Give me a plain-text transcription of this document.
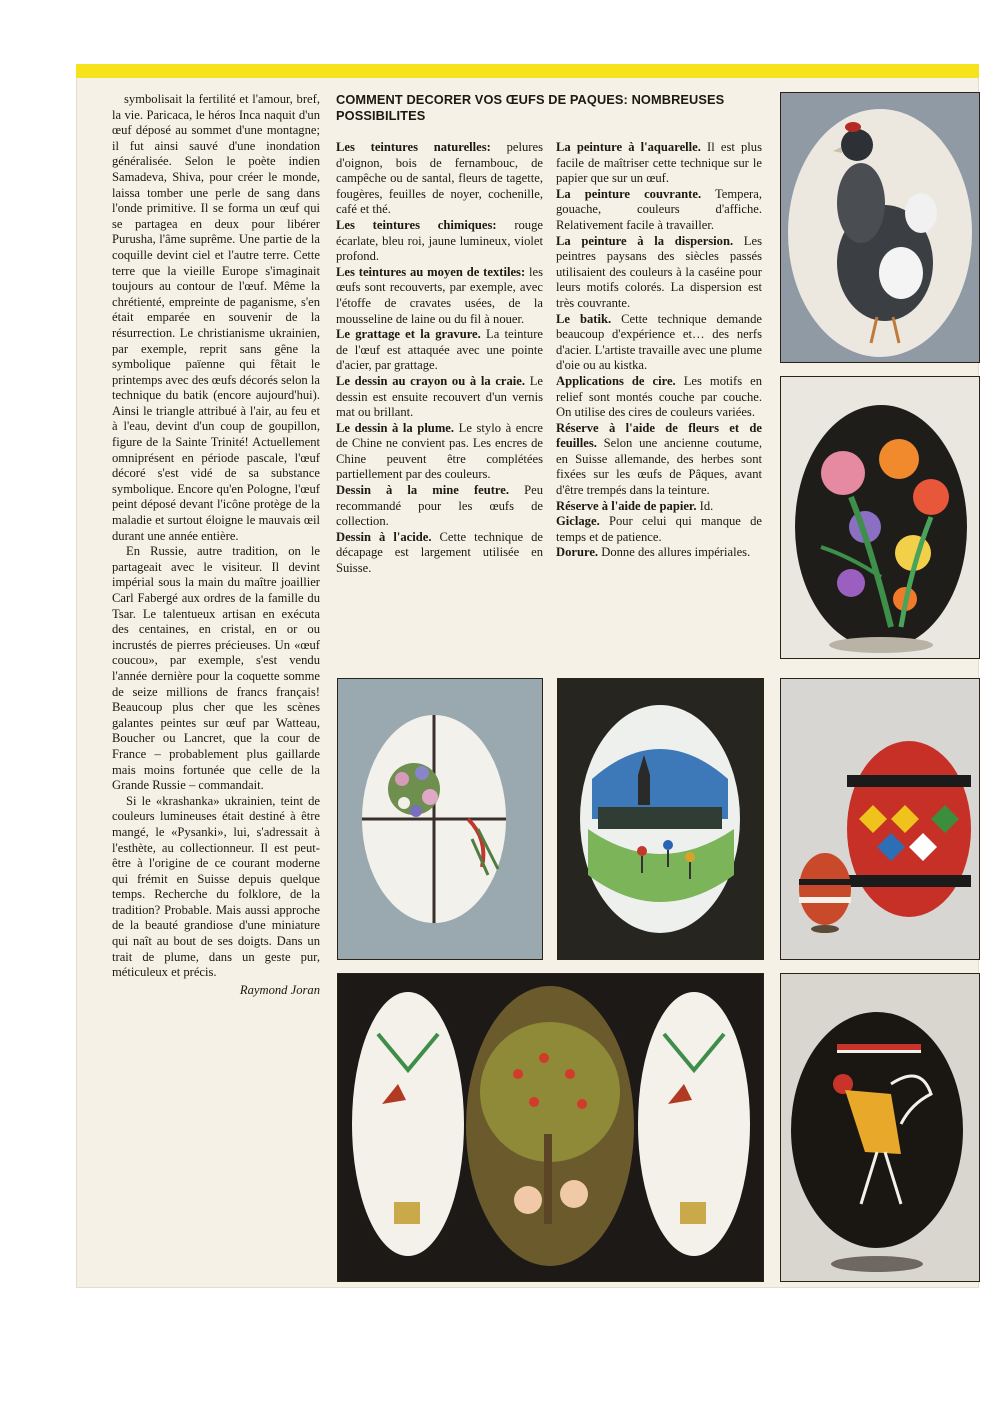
symbolisait la fertilité et l'amour, bref, la vie. Paricaca, le héros Inca naquit d'un œuf déposé au sommet d'une montagne; il fut ainsi sauvé d'une inondation généralisée. Selon le poète indien Samadeva, Shiva, pour créer le monde, laissa tomber une perle de sang dans l'onde primitive. Il se forma un œuf qui se partagea en deux pour libérer Purusha, l'âme suprême. Une partie de la coquille devint ciel et l'autre terre. Cette terre que la vieille Europe s'imaginait toujours au contour de l'œuf. Même la chrétienté, empreinte de paganisme, s'en était emparée en souvenir de la résurrection. Le christianisme ukrainien, par exemple, reprit sans gêne la symbolique païenne qui fêtait le printemps avec des œufs décorés selon la technique du batik (encore aujourd'hui). Ainsi le triangle attribué à l'air, au feu et à l'eau, devint d'un coup de goupillon, figure de la Sainte Trinité! Actuellement omniprésent en période pascale, l'œuf décoré s'est vidé de sa substance symbolique. Encore qu'en Pologne, l'œuf peint déposé devant l'icône protège de la maladie et surtout éloigne le mauvais œil durant une année entière.

En Russie, autre tradition, on le partageait avec le visiteur. Il devint impérial sous la main du maître joaillier Carl Fabergé aux ordres de la famille du Tsar. Le talentueux artisan en exécuta des centaines, en cristal, en or ou incrustés de pierres précieuses. Un «œuf coucou», par exemple, s'est vendu l'année dernière pour la coquette somme de seize millions de francs français! Beaucoup plus cher que les scènes galantes peintes sur œuf par Watteau, Boucher ou Lancret, que la cour de France – probablement plus gaillarde mais moins fortunée que celle de la Grande Russie – commandait.

Si le «krashanka» ukrainien, teint de couleurs lumineuses était destiné à être mangé, le «Pysanki», lui, s'adressait à l'esthète, au collectionneur. Il est peut-être à l'origine de ce courant moderne qui frémit en Suisse depuis quelque temps. Recherche du folklore, de la tradition? Probable. Mais aussi approche de la beauté grandiose d'une miniature qui naît au bout de ses doigts. Dans un trait de plume, dans un geste pur, méticuleux et précis.

Raymond Joran

COMMENT DECORER VOS ŒUFS DE PAQUES: NOMBREUSES POSSIBILITES

Les teintures naturelles: pelures d'oignon, bois de fernambouc, de campêche ou de santal, fleurs de tagette, fougères, feuilles de noyer, cochenille, café et thé.

Les teintures chimiques: rouge écarlate, bleu roi, jaune lumineux, violet profond.

Les teintures au moyen de textiles: les œufs sont recouverts, par exemple, avec l'étoffe de cravates usées, de la mousseline de laine ou du fil à nouer.

Le grattage et la gravure. La teinture de l'œuf est attaquée avec une pointe d'acier, par grattage.

Le dessin au crayon ou à la craie. Le dessin est ensuite recouvert d'un vernis mat ou brillant.

Le dessin à la plume. Le stylo à encre de Chine ne convient pas. Les encres de Chine peuvent être complétées partiellement par des couleurs.

Dessin à la mine feutre. Peu recommandé pour les œufs de collection.

Dessin à l'acide. Cette technique de décapage est largement utilisée en Suisse.

La peinture à l'aquarelle. Il est plus facile de maîtriser cette technique sur le papier que sur un œuf.

La peinture couvrante. Tempera, gouache, couleurs d'affiche. Relativement facile à travailler.

La peinture à la dispersion. Les peintres paysans des siècles passés utilisaient des couleurs à la caséine pour leurs motifs colorés. La dispersion est très couvrante.

Le batik. Cette technique demande beaucoup d'expérience et… des nerfs d'acier. L'artiste travaille avec une plume d'oie ou au kistka.

Applications de cire. Les motifs en relief sont montés couche par couche. On utilise des cires de couleurs variées.

Réserve à l'aide de fleurs et de feuilles. Selon une ancienne coutume, en Suisse allemande, des herbes sont fixées sur les œufs de Pâques, avant d'être trempés dans la teinture.

Réserve à l'aide de papier. Id.

Giclage. Pour celui qui manque de temps et de patience.

Dorure. Donne des allures impériales.
